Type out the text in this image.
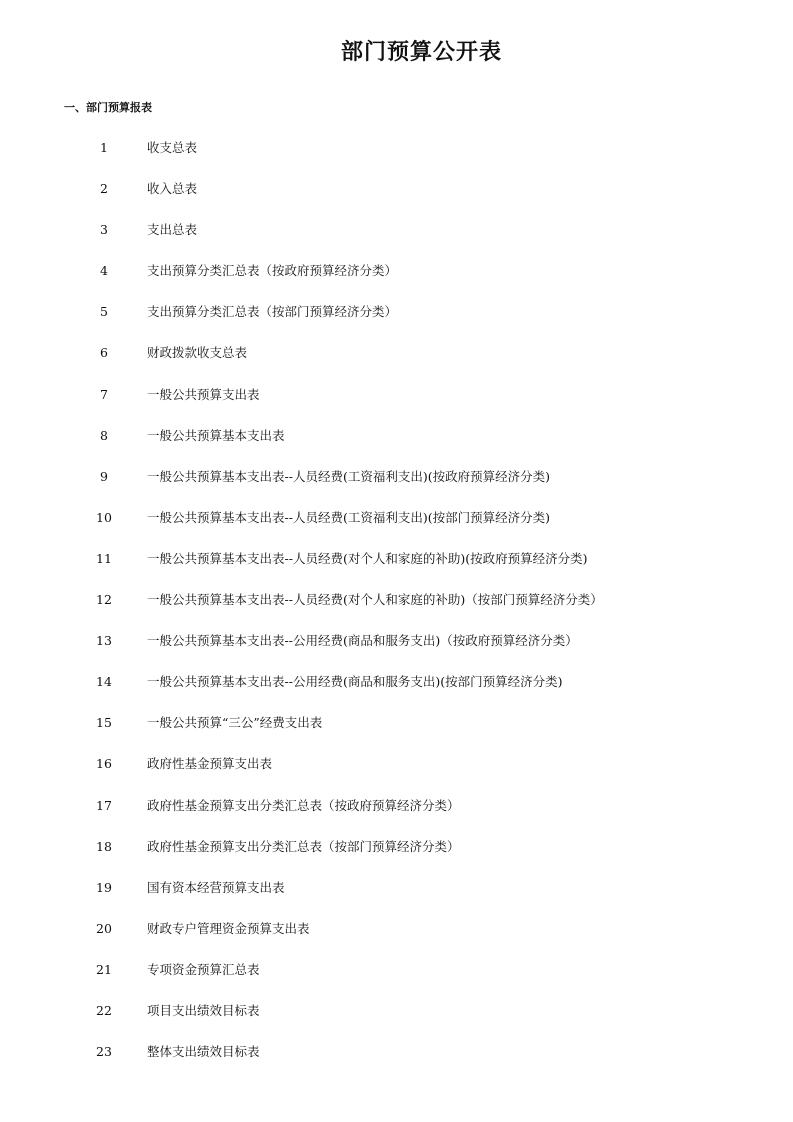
部门预算公开表
一、部门预算报表
1	收支总表
2	收入总表
3	支出总表
4	支出预算分类汇总表（按政府预算经济分类）
5	支出预算分类汇总表（按部门预算经济分类）
6	财政拨款收支总表
7	一般公共预算支出表
8	一般公共预算基本支出表
9	一般公共预算基本支出表--人员经费(工资福利支出)(按政府预算经济分类)
10	一般公共预算基本支出表--人员经费(工资福利支出)(按部门预算经济分类)
11	一般公共预算基本支出表--人员经费(对个人和家庭的补助)(按政府预算经济分类)
12	一般公共预算基本支出表--人员经费(对个人和家庭的补助)（按部门预算经济分类）
13	一般公共预算基本支出表--公用经费(商品和服务支出)（按政府预算经济分类）
14	一般公共预算基本支出表--公用经费(商品和服务支出)(按部门预算经济分类)
15	一般公共预算“三公”经费支出表
16	政府性基金预算支出表
17	政府性基金预算支出分类汇总表（按政府预算经济分类）
18	政府性基金预算支出分类汇总表（按部门预算经济分类）
19	国有资本经营预算支出表
20	财政专户管理资金预算支出表
21	专项资金预算汇总表
22	项目支出绩效目标表
23	整体支出绩效目标表
